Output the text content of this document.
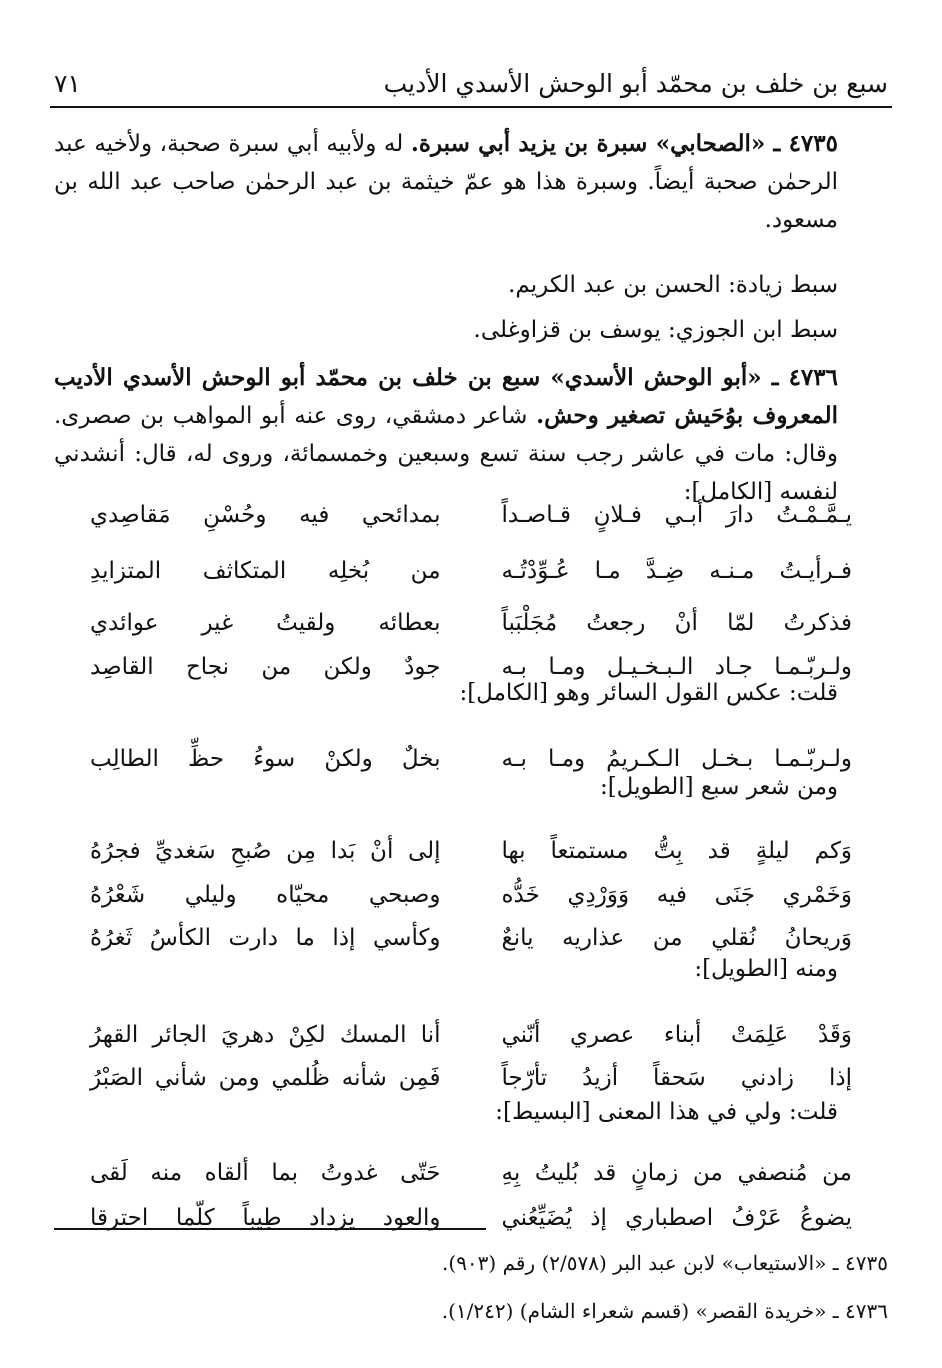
سبع بن خلف بن محمّد أبو الوحش الأسدي الأديب
٧١
٤٧٣٥ ـ «الصحابي» سبرة بن يزيد أبي سبرة. له ولأبيه أبي سبرة صحبة، ولأخيه عبد الرحمٰن صحبة أيضاً. وسبرة هذا هو عمّ خيثمة بن عبد الرحمٰن صاحب عبد الله بن مسعود.
سبط زيادة: الحسن بن عبد الكريم.
سبط ابن الجوزي: يوسف بن قزاوغلى.
٤٧٣٦ ـ «أبو الوحش الأسدي» سبع بن خلف بن محمّد أبو الوحش الأسدي الأديب المعروف بوُحَيش تصغير وحش. شاعر دمشقي، روى عنه أبو المواهب بن صصرى. وقال: مات في عاشر رجب سنة تسع وسبعين وخمسمائة، وروى له، قال: أنشدني لنفسه [الكامل]:
يـمَّـمْـتُ دارَ أبـي فـلانٍ قـاصـداً
بمدائحي فيه وحُسْنِ مَقاصِدي
فـرأيـتُ مـنـه ضِـدَّ مـا عُـوِّدْتُـه
من بُخلِه المتكاثف المتزايدِ
فذكرتُ لمّا أنْ رجعتُ مُجَلْبَباً
بعطائه ولقيتُ غير عوائدي
ولـربّـمـا جـاد الـبـخـيـل ومـا بـه
جودٌ ولكن من نجاح القاصِد
قلت: عكس القول السائر وهو [الكامل]:
ولـربّـمـا بـخـل الـكـريمُ ومـا بـه
بخلٌ ولكنْ سوءُ حظِّ الطالِب
ومن شعر سبع [الطويل]:
وَكم ليلةٍ قد بِتُّ مستمتعاً بها
إلى أنْ بَدا مِن صُبحِ سَغديِّ فجرُهُ
وَخَمْري جَنَى فيه وَوَرْدِي خَدُّه
وصبحي محيّاه وليلي شَعْرُهُ
وَريحانُ نُقلي من عذاريه يانعٌ
وكأسي إذا ما دارت الكأسُ ثَغرُهُ
ومنه [الطويل]:
وَقَدْ عَلِمَتْ أبناء عصري أنّني
أنا المسك لكِنْ دهريَ الجائر القهرُ
إذا زادني سَحقاً أزيدُ تأرّجاً
فَمِن شأنه ظُلمي ومن شأني الصَبْرُ
قلت: ولي في هذا المعنى [البسيط]:
من مُنصفي من زمانٍ قد بُليتُ بِهِ
حَتّى غدوتُ بما ألقاه منه لَقى
يضوعُ عَرْفُ اصطباري إذ يُضَيِّعُني
والعود يزداد طِيباً كلّما احترقا
٤٧٣٥ ـ «الاستيعاب» لابن عبد البر (٢/٥٧٨) رقم (٩٠٣).
٤٧٣٦ ـ «خريدة القصر» (قسم شعراء الشام) (١/٢٤٢).
